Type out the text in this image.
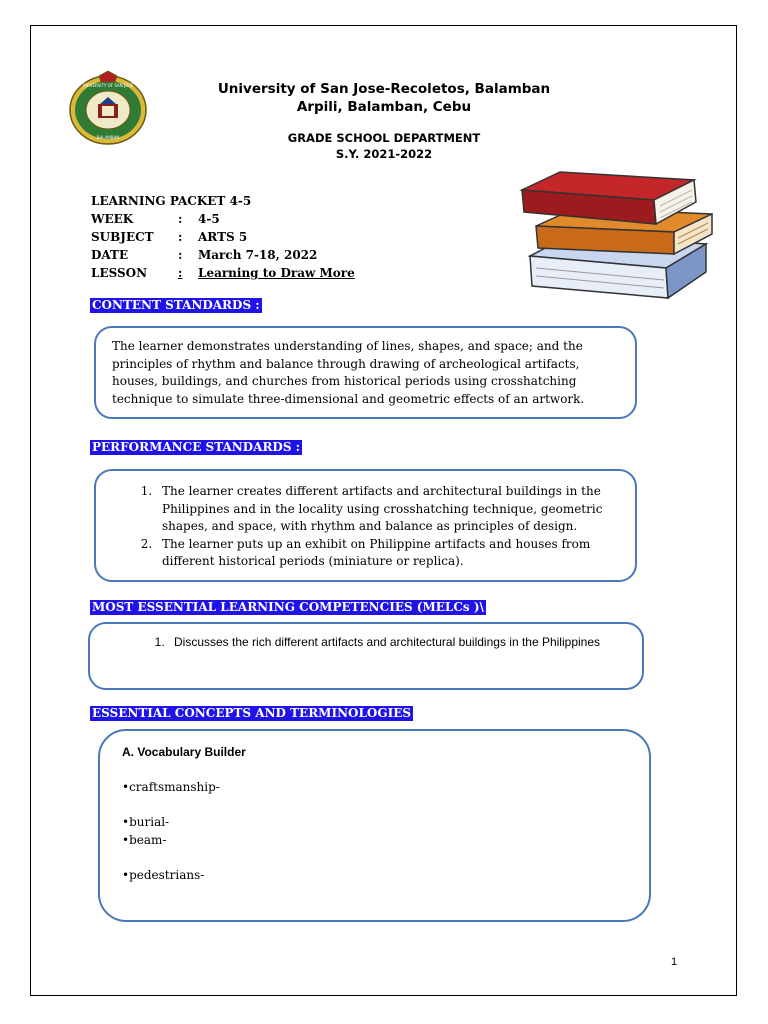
UNIVERSITY OF SAN JOSE
BALAMBAN
University of San Jose-Recoletos, Balamban
Arpili, Balamban, Cebu
GRADE SCHOOL DEPARTMENT
S.Y. 2021-2022
LEARNING PACKET 4-5
WEEK	:	4-5
SUBJECT	:	ARTS 5
DATE	:	March 7-18, 2022
LESSON	:	Learning to Draw More
CONTENT STANDARDS :
The learner demonstrates understanding of lines, shapes, and space; and the principles of rhythm and balance through drawing of archeological artifacts, houses, buildings, and churches from historical periods using crosshatching technique to simulate three-dimensional and geometric effects of an artwork.
PERFORMANCE STANDARDS :
1. The learner creates different artifacts and architectural buildings in the Philippines and in the locality using crosshatching technique, geometric shapes, and space, with rhythm and balance as principles of design.
2. The learner puts up an exhibit on Philippine artifacts and houses from different historical periods (miniature or replica).
MOST ESSENTIAL LEARNING COMPETENCIES (MELCs )\
1. Discusses the rich different artifacts and architectural buildings in the Philippines
ESSENTIAL CONCEPTS AND TERMINOLOGIES
A. Vocabulary Builder
•craftsmanship-
•burial-
•beam-
•pedestrians-
1
